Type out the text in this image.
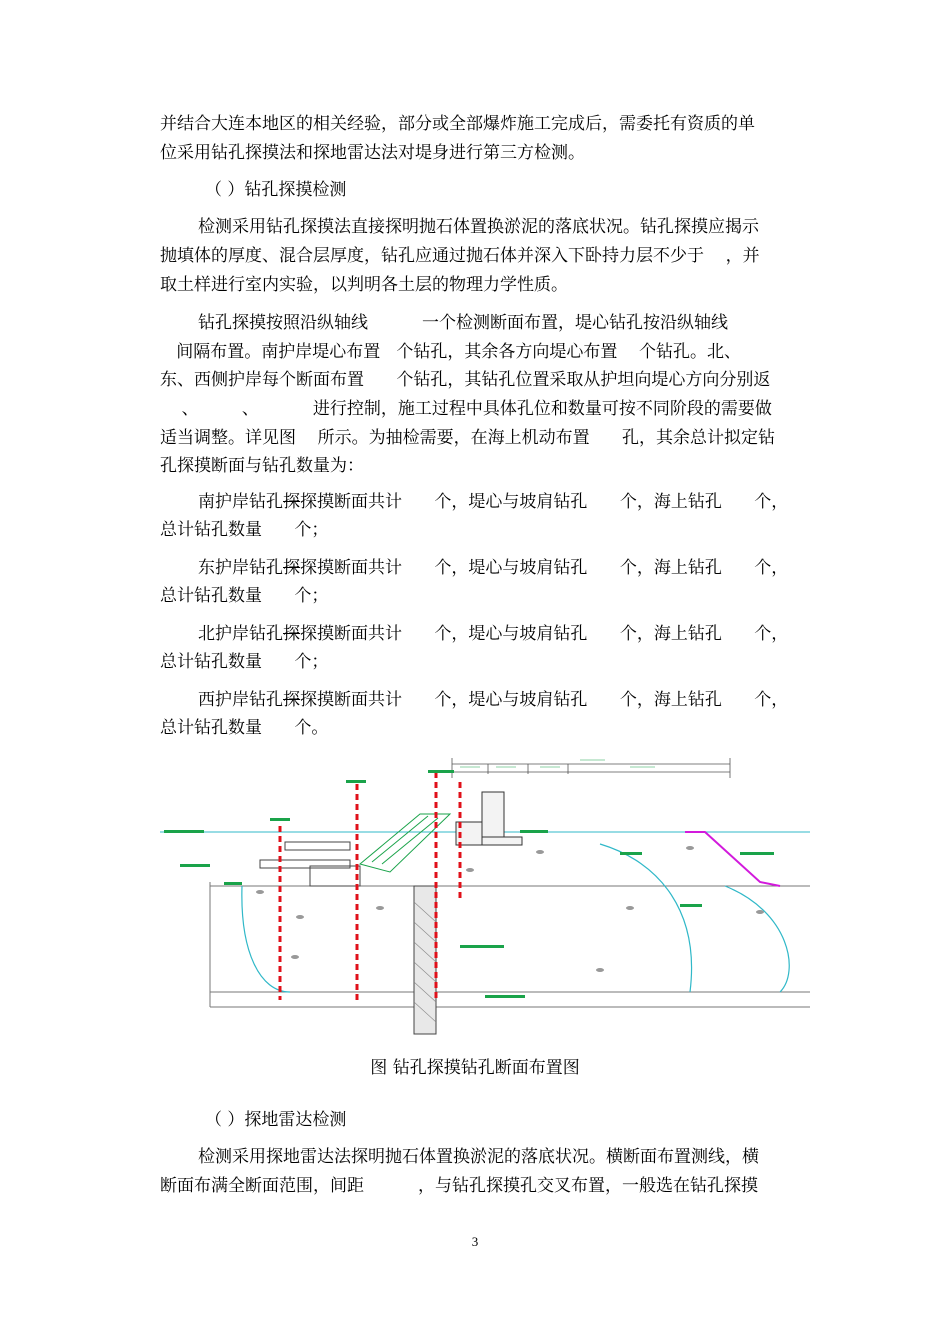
并结合大连本地区的相关经验，部分或全部爆炸施工完成后，需委托有资质的单
位采用钻孔探摸法和探地雷达法对堤身进行第三方检测。
（ ）钻孔探摸检测
检测采用钻孔探摸法直接探明抛石体置换淤泥的落底状况。钻孔探摸应揭示
抛填体的厚度、混合层厚度，钻孔应通过抛石体并深入下卧持力层不少于    ，并
取土样进行室内实验，以判明各土层的物理力学性质。
钻孔探摸按照沿纵轴线          一个检测断面布置，堤心钻孔按沿纵轴线
间隔布置。南护岸堤心布置   个钻孔，其余各方向堤心布置    个钻孔。北、
东、西侧护岸每个断面布置      个钻孔，其钻孔位置采取从护坦向堤心方向分别返
、        、          进行控制，施工过程中具体孔位和数量可按不同阶段的需要做
适当调整。详见图    所示。为抽检需要，在海上机动布置      孔，其余总计拟定钻
孔探摸断面与钻孔数量为：
南护岸钻孔探探摸断面共计      个，堤心与坡肩钻孔      个，海上钻孔      个，
总计钻孔数量      个；
东护岸钻孔探探摸断面共计      个，堤心与坡肩钻孔      个，海上钻孔      个，
总计钻孔数量      个；
北护岸钻孔探探摸断面共计      个，堤心与坡肩钻孔      个，海上钻孔      个，
总计钻孔数量      个；
西护岸钻孔探探摸断面共计      个，堤心与坡肩钻孔      个，海上钻孔      个，
总计钻孔数量      个。
图 钻孔探摸钻孔断面布置图
（ ）探地雷达检测
检测采用探地雷达法探明抛石体置换淤泥的落底状况。横断面布置测线，横
断面布满全断面范围，间距          ，与钻孔探摸孔交叉布置，一般选在钻孔探摸
3
